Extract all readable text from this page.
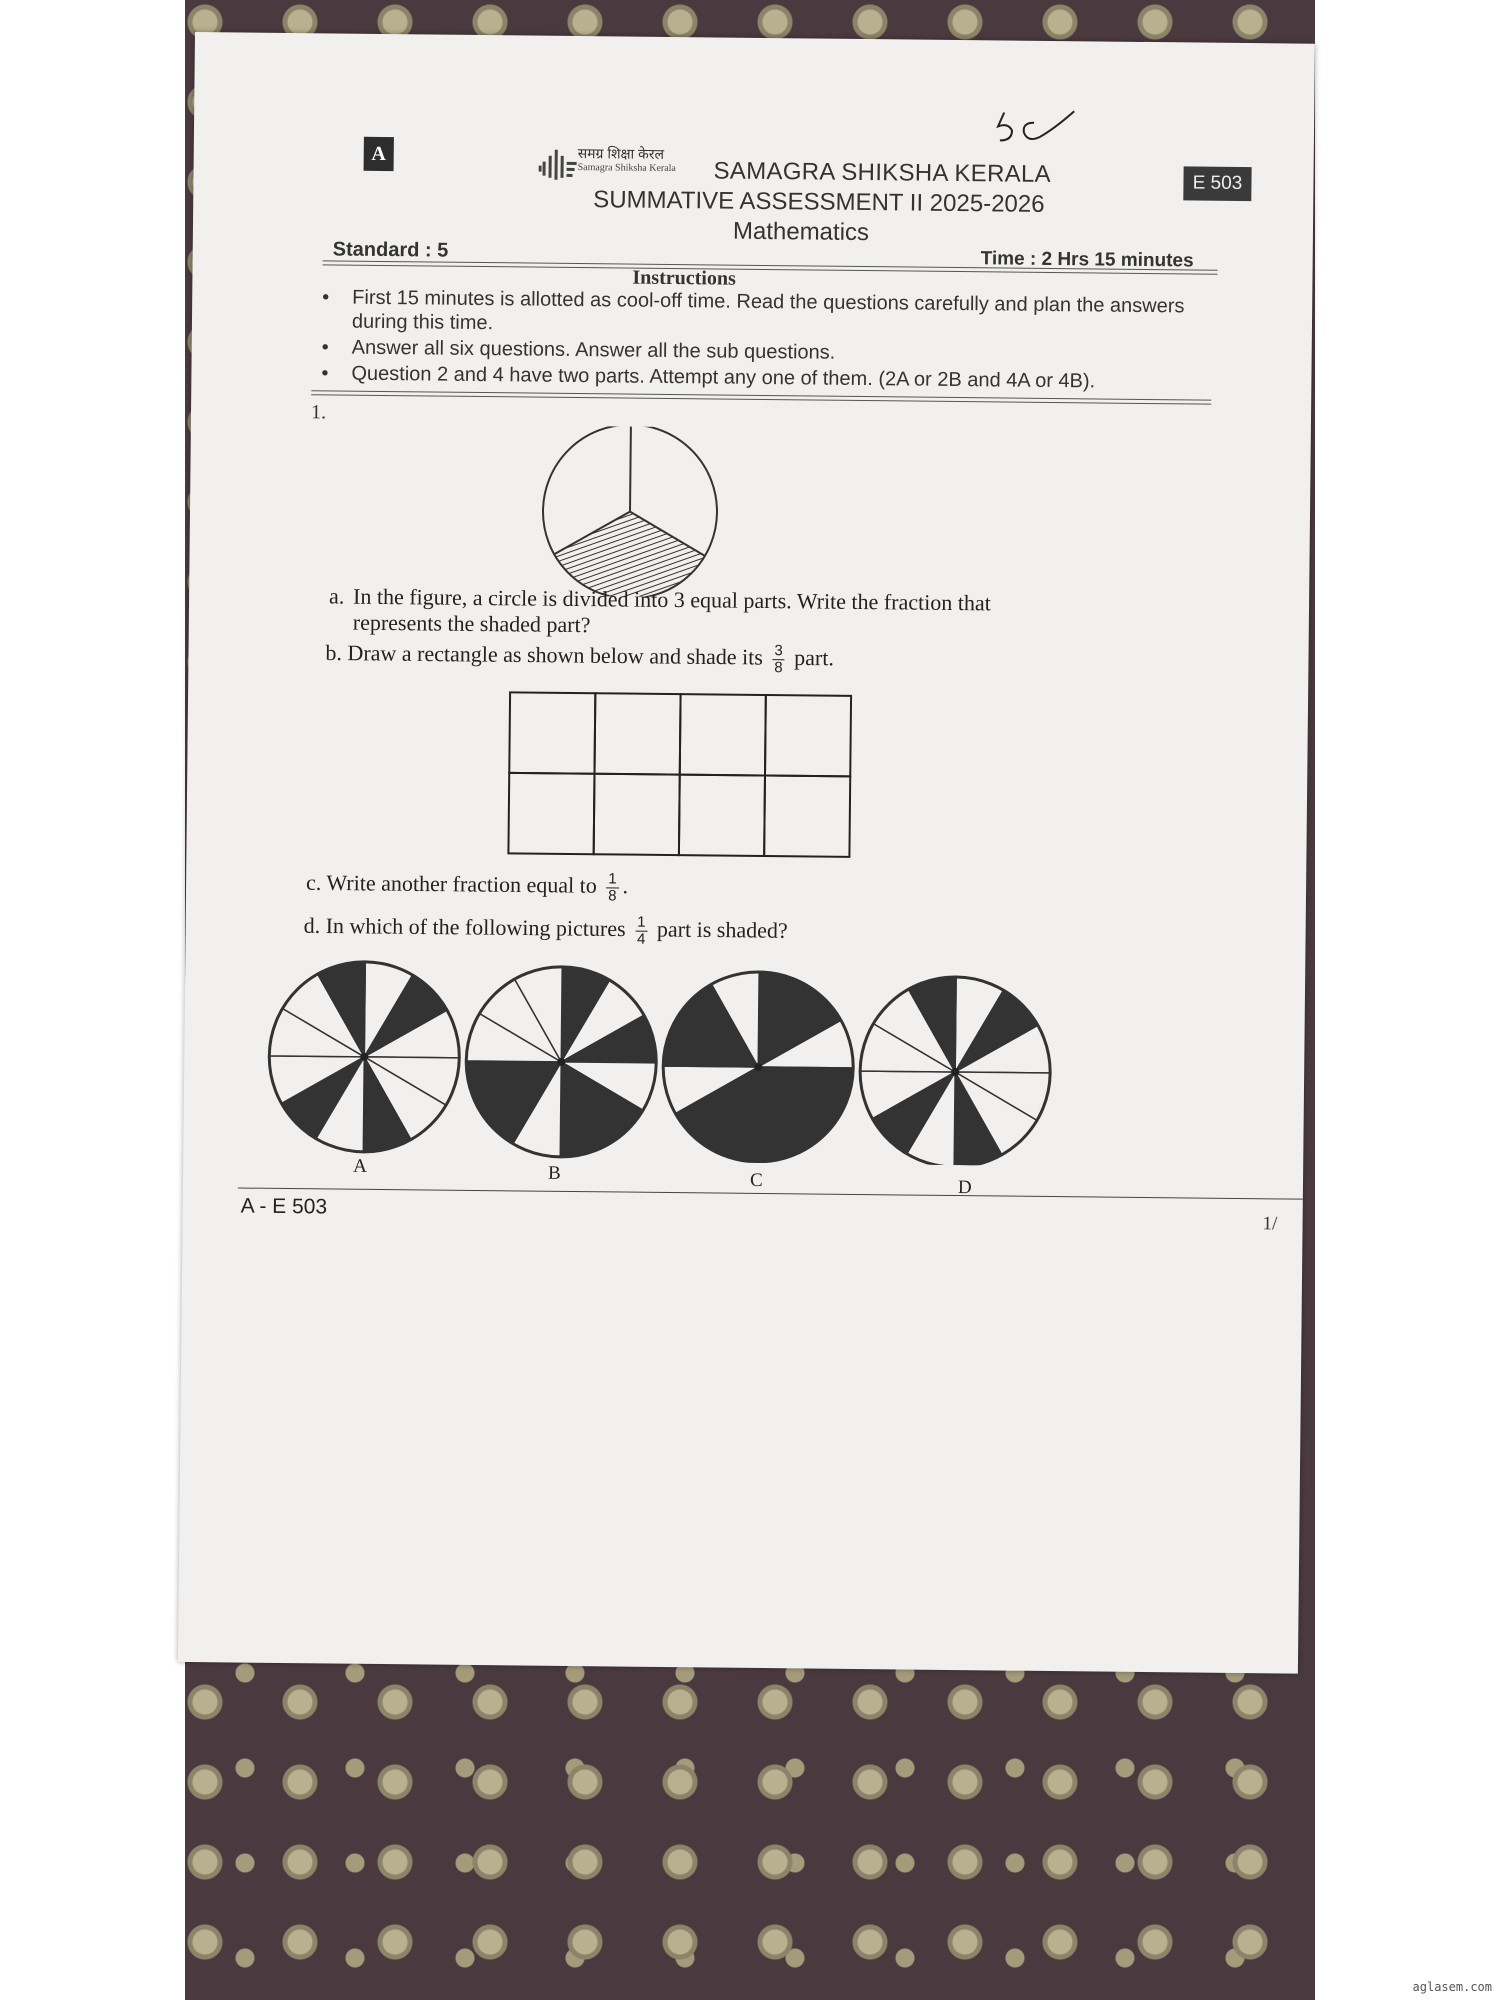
A	समग्र शिक्षा केरल
Samagra Shiksha Kerala SAMAGRA SHIKSHA KERALA	E 503
SUMMATIVE ASSESSMENT II 2025-2026
Mathematics
Standard : 5	Time : 2 Hrs 15 minutes
Instructions
• First 15 minutes is allotted as cool-off time. Read the questions carefully and plan the answers during this time.
• Answer all six questions. Answer all the sub questions.
• Question 2 and 4 have two parts. Attempt any one of them. (2A or 2B and 4A or 4B).
1.
a. In the figure, a circle is divided into 3 equal parts. Write the fraction that
represents the shaded part?
b. Draw a rectangle as shown below and shade its $\frac{3}{8}$ part.
c. Write another fraction equal to $\frac{1}{8}$ .
d. In which of the following pictures $\frac{1}{4}$ part is shaded?
A	B	C	D
A - E 503
1/
aglasem.com
